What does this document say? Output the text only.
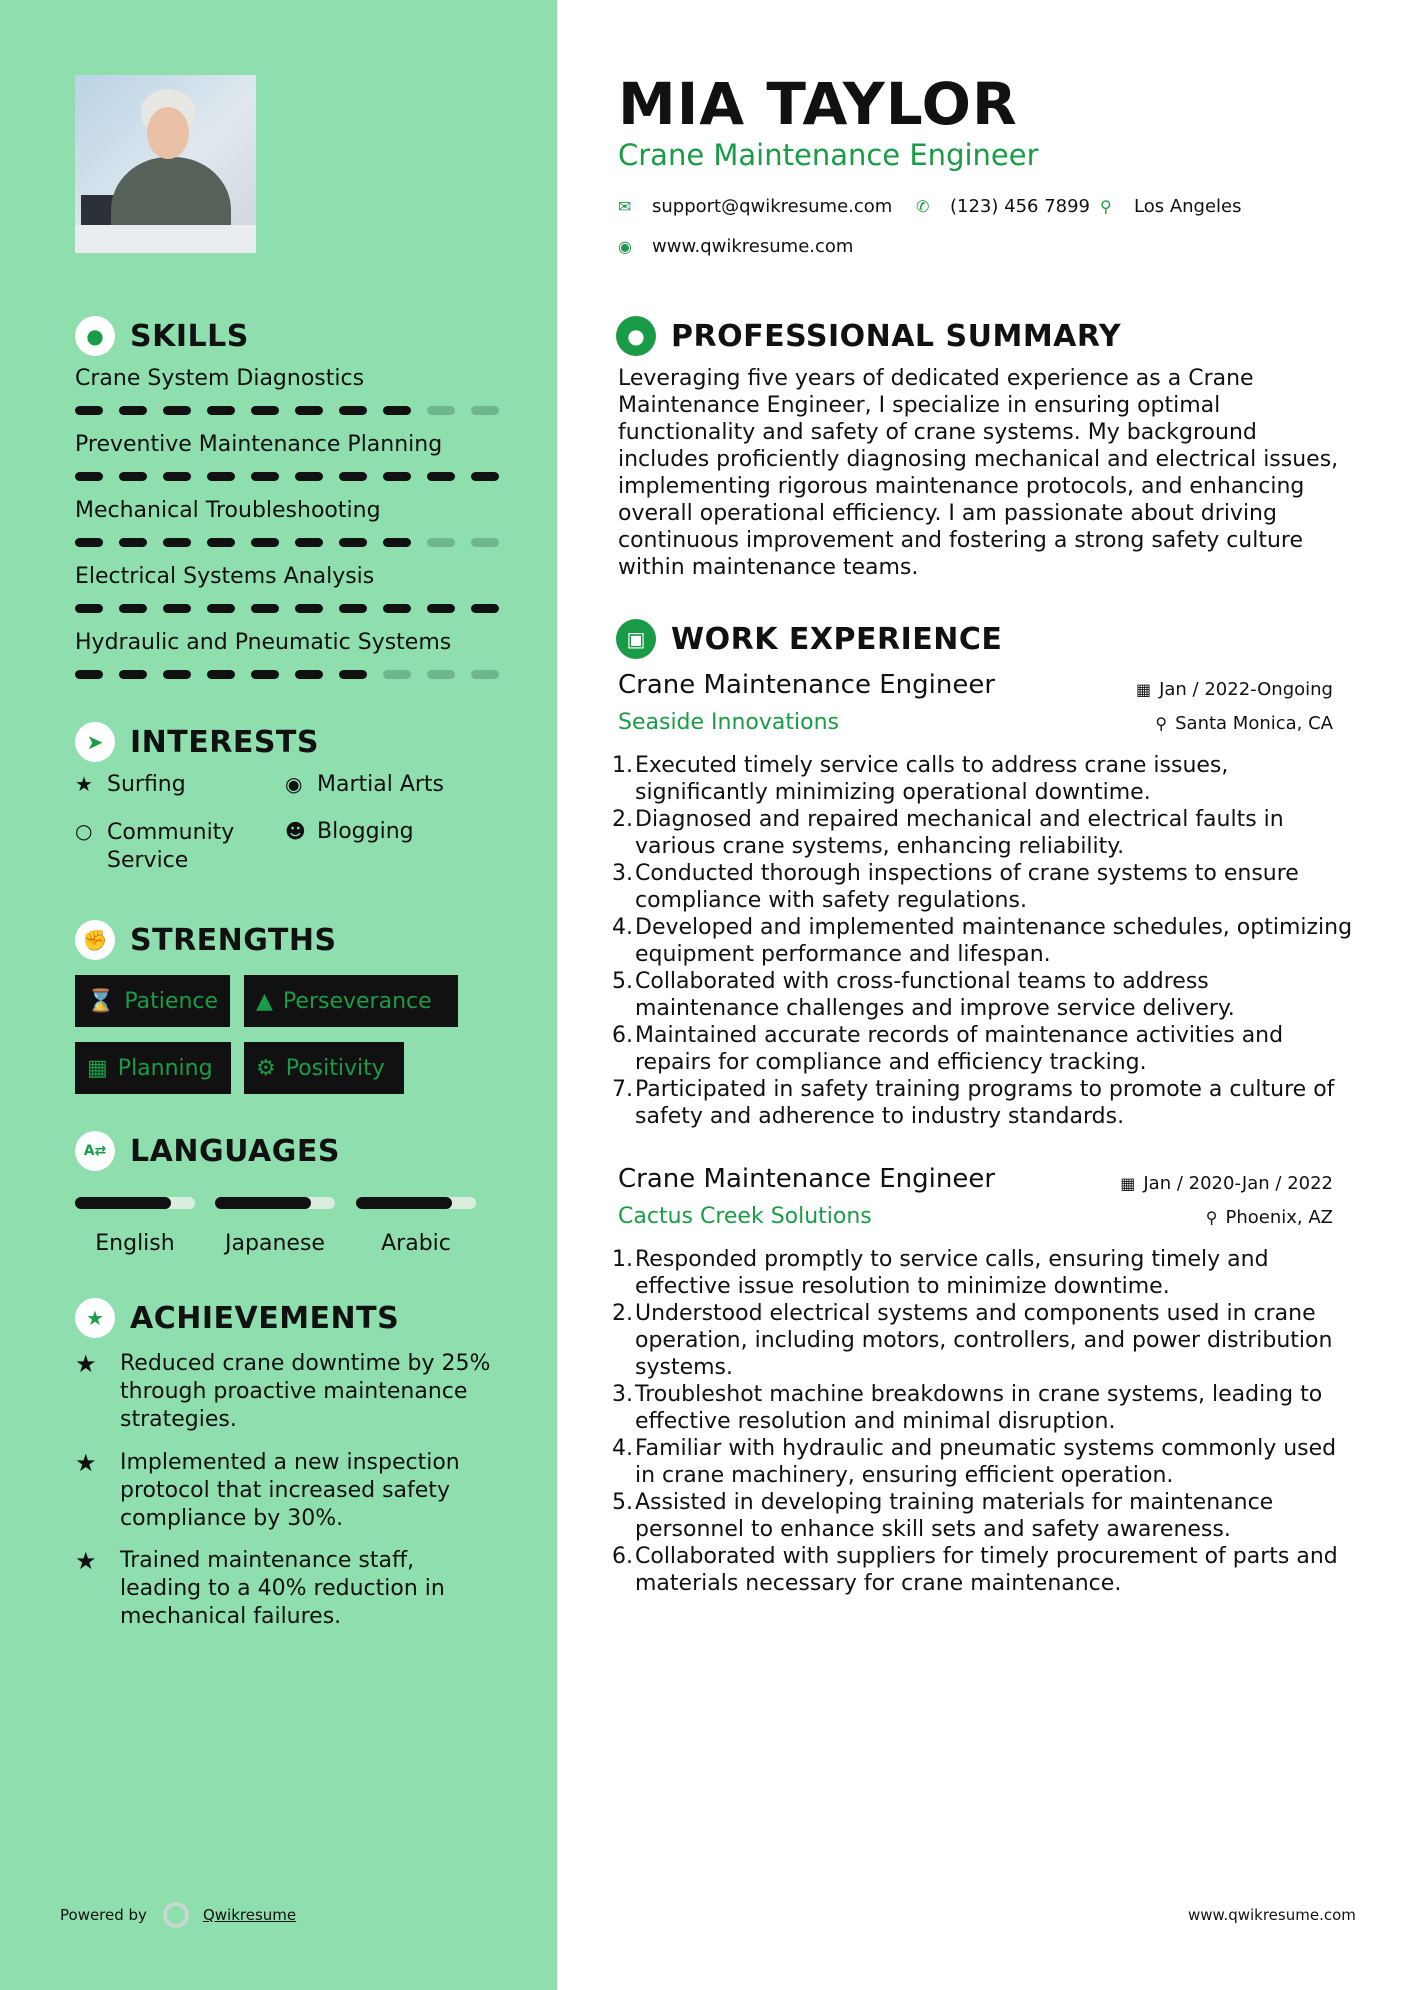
● SKILLS
Crane System Diagnostics
Preventive Maintenance Planning
Mechanical Troubleshooting
Electrical Systems Analysis
Hydraulic and Pneumatic Systems
➤ INTERESTS
★ Surfing	◉ Martial Arts
○ Community Service
☻ Blogging
✊ STRENGTHS
⌛ Patience ▲ Perseverance
▦ Planning ⚙ Positivity
A⇄ LANGUAGES
English	Japanese	Arabic
★ ACHIEVEMENTS
★	Reduced crane downtime by 25% through proactive maintenance strategies.
★	Implemented a new inspection protocol that increased safety compliance by 30%.
★	Trained maintenance staff, leading to a 40% reduction in mechanical failures.
Powered by	Qwikresume
MIA TAYLOR
Crane Maintenance Engineer
✉	support@qwikresume.com ✆	(123) 456 7899 ⚲	Los Angeles
◉	www.qwikresume.com
● PROFESSIONAL SUMMARY
Leveraging five years of dedicated experience as a Crane Maintenance Engineer, I specialize in ensuring optimal functionality and safety of crane systems. My background includes proficiently diagnosing mechanical and electrical issues, implementing rigorous maintenance protocols, and enhancing overall operational efficiency. I am passionate about driving continuous improvement and fostering a strong safety culture within maintenance teams.
▣ WORK EXPERIENCE
Crane Maintenance Engineer
Seaside Innovations
▦ Jan / 2022-Ongoing
⚲ Santa Monica, CA
1. Executed timely service calls to address crane issues, significantly minimizing operational downtime.
2. Diagnosed and repaired mechanical and electrical faults in various crane systems, enhancing reliability.
3. Conducted thorough inspections of crane systems to ensure compliance with safety regulations.
4. Developed and implemented maintenance schedules, optimizing equipment performance and lifespan.
5. Collaborated with cross-functional teams to address maintenance challenges and improve service delivery.
6. Maintained accurate records of maintenance activities and repairs for compliance and efficiency tracking.
7. Participated in safety training programs to promote a culture of safety and adherence to industry standards.
Crane Maintenance Engineer
Cactus Creek Solutions
▦ Jan / 2020-Jan / 2022
⚲ Phoenix, AZ
1. Responded promptly to service calls, ensuring timely and effective issue resolution to minimize downtime.
2. Understood electrical systems and components used in crane operation, including motors, controllers, and power distribution systems.
3. Troubleshot machine breakdowns in crane systems, leading to effective resolution and minimal disruption.
4. Familiar with hydraulic and pneumatic systems commonly used in crane machinery, ensuring efficient operation.
5. Assisted in developing training materials for maintenance personnel to enhance skill sets and safety awareness.
6. Collaborated with suppliers for timely procurement of parts and materials necessary for crane maintenance.
www.qwikresume.com
